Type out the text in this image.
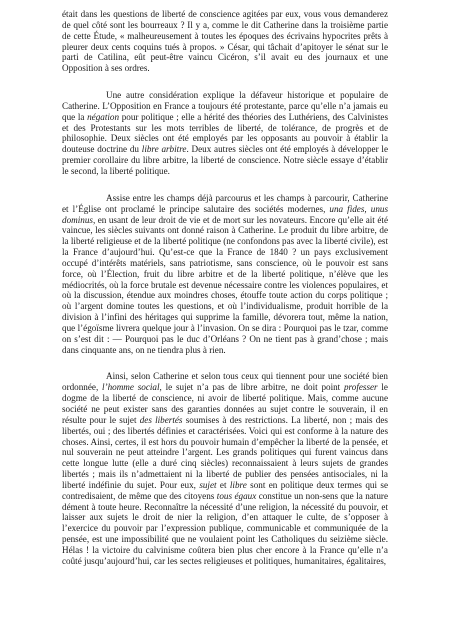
était dans les questions de liberté de conscience agitées par eux, vous vous demanderez de quel côté sont les bourreaux ? Il y a, comme le dit Catherine dans la troisième partie de cette Étude, « malheureusement à toutes les époques des écrivains hypocrites prêts à pleurer deux cents coquins tués à propos. » César, qui tâchait d’apitoyer le sénat sur le parti de Catilina, eût peut-être vaincu Cicéron, s’il avait eu des journaux et une Opposition à ses ordres.

Une autre considération explique la défaveur historique et populaire de Catherine. L’Opposition en France a toujours été protestante, parce qu’elle n’a jamais eu que la négation pour politique ; elle a hérité des théories des Luthériens, des Calvinistes et des Protestants sur les mots terribles de liberté, de tolérance, de progrès et de philosophie. Deux siècles ont été employés par les opposants au pouvoir à établir la douteuse doctrine du libre arbitre. Deux autres siècles ont été employés à développer le premier corollaire du libre arbitre, la liberté de conscience. Notre siècle essaye d’établir le second, la liberté politique.

Assise entre les champs déjà parcourus et les champs à parcourir, Catherine et l’Église ont proclamé le principe salutaire des sociétés modernes, una fides, unus dominus, en usant de leur droit de vie et de mort sur les novateurs. Encore qu’elle ait été vaincue, les siècles suivants ont donné raison à Catherine. Le produit du libre arbitre, de la liberté religieuse et de la liberté politique (ne confondons pas avec la liberté civile), est la France d’aujourd’hui. Qu’est-ce que la France de 1840 ? un pays exclusivement occupé d’intérêts matériels, sans patriotisme, sans conscience, où le pouvoir est sans force, où l’Élection, fruit du libre arbitre et de la liberté politique, n’élève que les médiocrités, où la force brutale est devenue nécessaire contre les violences populaires, et où la discussion, étendue aux moindres choses, étouffe toute action du corps politique ; où l’argent domine toutes les questions, et où l’individualisme, produit horrible de la division à l’infini des héritages qui supprime la famille, dévorera tout, même la nation, que l’égoïsme livrera quelque jour à l’invasion. On se dira : Pourquoi pas le tzar, comme on s’est dit : — Pourquoi pas le duc d’Orléans ? On ne tient pas à grand’chose ; mais dans cinquante ans, on ne tiendra plus à rien.

Ainsi, selon Catherine et selon tous ceux qui tiennent pour une société bien ordonnée, l’homme social, le sujet n’a pas de libre arbitre, ne doit point professer le dogme de la liberté de conscience, ni avoir de liberté politique. Mais, comme aucune société ne peut exister sans des garanties données au sujet contre le souverain, il en résulte pour le sujet des libertés soumises à des restrictions. La liberté, non ; mais des libertés, oui ; des libertés définies et caractérisées. Voici qui est conforme à la nature des choses. Ainsi, certes, il est hors du pouvoir humain d’empêcher la liberté de la pensée, et nul souverain ne peut atteindre l’argent. Les grands politiques qui furent vaincus dans cette longue lutte (elle a duré cinq siècles) reconnaissaient à leurs sujets de grandes libertés ; mais ils n’admettaient ni la liberté de publier des pensées antisociales, ni la liberté indéfinie du sujet. Pour eux, sujet et libre sont en politique deux termes qui se contredisaient, de même que des citoyens tous égaux constitue un non-sens que la nature dément à toute heure. Reconnaître la nécessité d’une religion, la nécessité du pouvoir, et laisser aux sujets le droit de nier la religion, d’en attaquer le culte, de s’opposer à l’exercice du pouvoir par l’expression publique, communicable et communiquée de la pensée, est une impossibilité que ne voulaient point les Catholiques du seizième siècle. Hélas ! la victoire du calvinisme coûtera bien plus cher encore à la France qu’elle n’a coûté jusqu’aujourd’hui, car les sectes religieuses et politiques, humanitaires, égalitaires,
